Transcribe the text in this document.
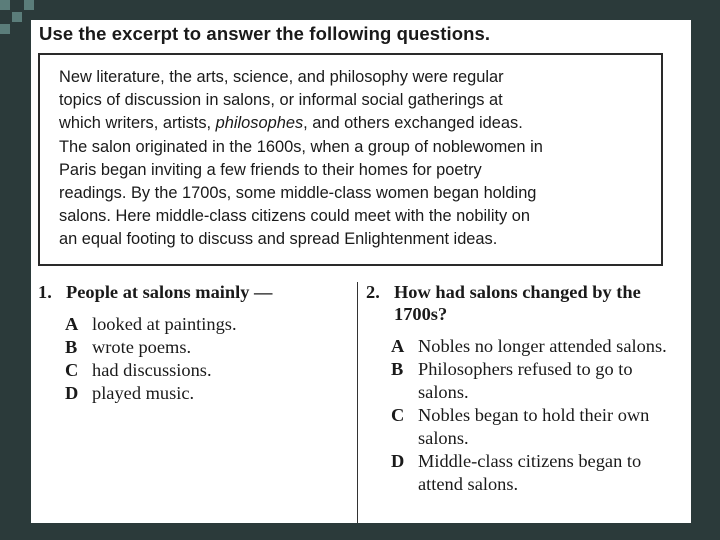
Use the excerpt to answer the following questions.

New literature, the arts, science, and philosophy were regular
topics of discussion in salons, or informal social gatherings at
which writers, artists, philosophes, and others exchanged ideas.
The salon originated in the 1600s, when a group of noblewomen in
Paris began inviting a few friends to their homes for poetry
readings. By the 1700s, some middle-class women began holding
salons. Here middle-class citizens could meet with the nobility on
an equal footing to discuss and spread Enlightenment ideas.

1. People at salons mainly —
A looked at paintings.
B wrote poems.
C had discussions.
D played music.
2. How had salons changed by the 1700s?
A Nobles no longer attended salons.
B Philosophers refused to go to salons.
C Nobles began to hold their own salons.
D Middle-class citizens began to attend salons.
